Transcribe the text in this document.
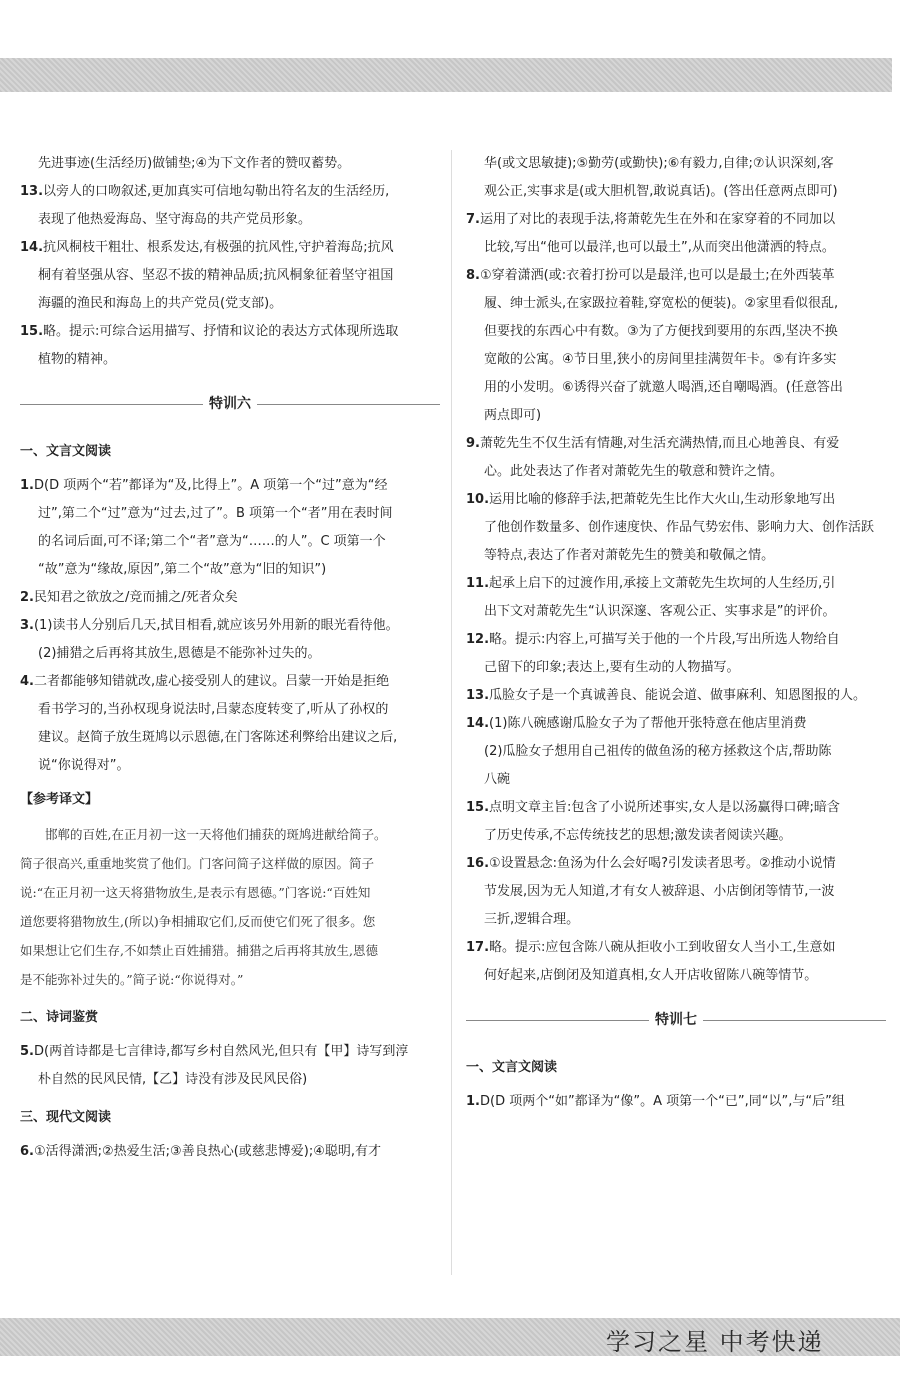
先进事迹(生活经历)做铺垫;④为下文作者的赞叹蓄势。

13.以旁人的口吻叙述,更加真实可信地勾勒出符名友的生活经历,

表现了他热爱海岛、坚守海岛的共产党员形象。

14.抗风桐枝干粗壮、根系发达,有极强的抗风性,守护着海岛;抗风

桐有着坚强从容、坚忍不拔的精神品质;抗风桐象征着坚守祖国

海疆的渔民和海岛上的共产党员(党支部)。

15.略。提示:可综合运用描写、抒情和议论的表达方式体现所选取

植物的精神。

特训六
一、文言文阅读

1.D(D 项两个“若”都译为“及,比得上”。A 项第一个“过”意为“经

过”,第二个“过”意为“过去,过了”。B 项第一个“者”用在表时间

的名词后面,可不译;第二个“者”意为“……的人”。C 项第一个

“故”意为“缘故,原因”,第二个“故”意为“旧的知识”)

2.民知君之欲放之/竞而捕之/死者众矣

3.(1)读书人分别后几天,拭目相看,就应该另外用新的眼光看待他。

(2)捕猎之后再将其放生,恩德是不能弥补过失的。

4.二者都能够知错就改,虚心接受别人的建议。吕蒙一开始是拒绝

看书学习的,当孙权现身说法时,吕蒙态度转变了,听从了孙权的

建议。赵简子放生斑鸠以示恩德,在门客陈述利弊给出建议之后,

说“你说得对”。

【参考译文】

邯郸的百姓,在正月初一这一天将他们捕获的斑鸠进献给简子。

简子很高兴,重重地奖赏了他们。门客问简子这样做的原因。简子

说:“在正月初一这天将猎物放生,是表示有恩德。”门客说:“百姓知

道您要将猎物放生,(所以)争相捕取它们,反而使它们死了很多。您

如果想让它们生存,不如禁止百姓捕猎。捕猎之后再将其放生,恩德

是不能弥补过失的。”简子说:“你说得对。”

二、诗词鉴赏

5.D(两首诗都是七言律诗,都写乡村自然风光,但只有【甲】诗写到淳

朴自然的民风民情,【乙】诗没有涉及民风民俗)

三、现代文阅读

6.①活得潇洒;②热爱生活;③善良热心(或慈悲博爱);④聪明,有才

华(或文思敏捷);⑤勤劳(或勤快);⑥有毅力,自律;⑦认识深刻,客

观公正,实事求是(或大胆机智,敢说真话)。(答出任意两点即可)

7.运用了对比的表现手法,将萧乾先生在外和在家穿着的不同加以

比较,写出“他可以最洋,也可以最土”,从而突出他潇洒的特点。

8.①穿着潇洒(或:衣着打扮可以是最洋,也可以是最土;在外西装革

履、绅士派头,在家趿拉着鞋,穿宽松的便装)。②家里看似很乱,

但要找的东西心中有数。③为了方便找到要用的东西,坚决不换

宽敞的公寓。④节日里,狭小的房间里挂满贺年卡。⑤有许多实

用的小发明。⑥诱得兴奋了就邀人喝酒,还自嘲喝酒。(任意答出

两点即可)

9.萧乾先生不仅生活有情趣,对生活充满热情,而且心地善良、有爱

心。此处表达了作者对萧乾先生的敬意和赞许之情。

10.运用比喻的修辞手法,把萧乾先生比作大火山,生动形象地写出

了他创作数量多、创作速度快、作品气势宏伟、影响力大、创作活跃

等特点,表达了作者对萧乾先生的赞美和敬佩之情。

11.起承上启下的过渡作用,承接上文萧乾先生坎坷的人生经历,引

出下文对萧乾先生“认识深邃、客观公正、实事求是”的评价。

12.略。提示:内容上,可描写关于他的一个片段,写出所选人物给自

己留下的印象;表达上,要有生动的人物描写。

13.瓜脸女子是一个真诚善良、能说会道、做事麻利、知恩图报的人。

14.(1)陈八碗感谢瓜脸女子为了帮他开张特意在他店里消费

(2)瓜脸女子想用自己祖传的做鱼汤的秘方拯救这个店,帮助陈

八碗

15.点明文章主旨:包含了小说所述事实,女人是以汤赢得口碑;暗含

了历史传承,不忘传统技艺的思想;激发读者阅读兴趣。

16.①设置悬念:鱼汤为什么会好喝?引发读者思考。②推动小说情

节发展,因为无人知道,才有女人被辞退、小店倒闭等情节,一波

三折,逻辑合理。

17.略。提示:应包含陈八碗从拒收小工到收留女人当小工,生意如

何好起来,店倒闭及知道真相,女人开店收留陈八碗等情节。

特训七
一、文言文阅读

1.D(D 项两个“如”都译为“像”。A 项第一个“已”,同“以”,与“后”组

学习之星 中考快递
